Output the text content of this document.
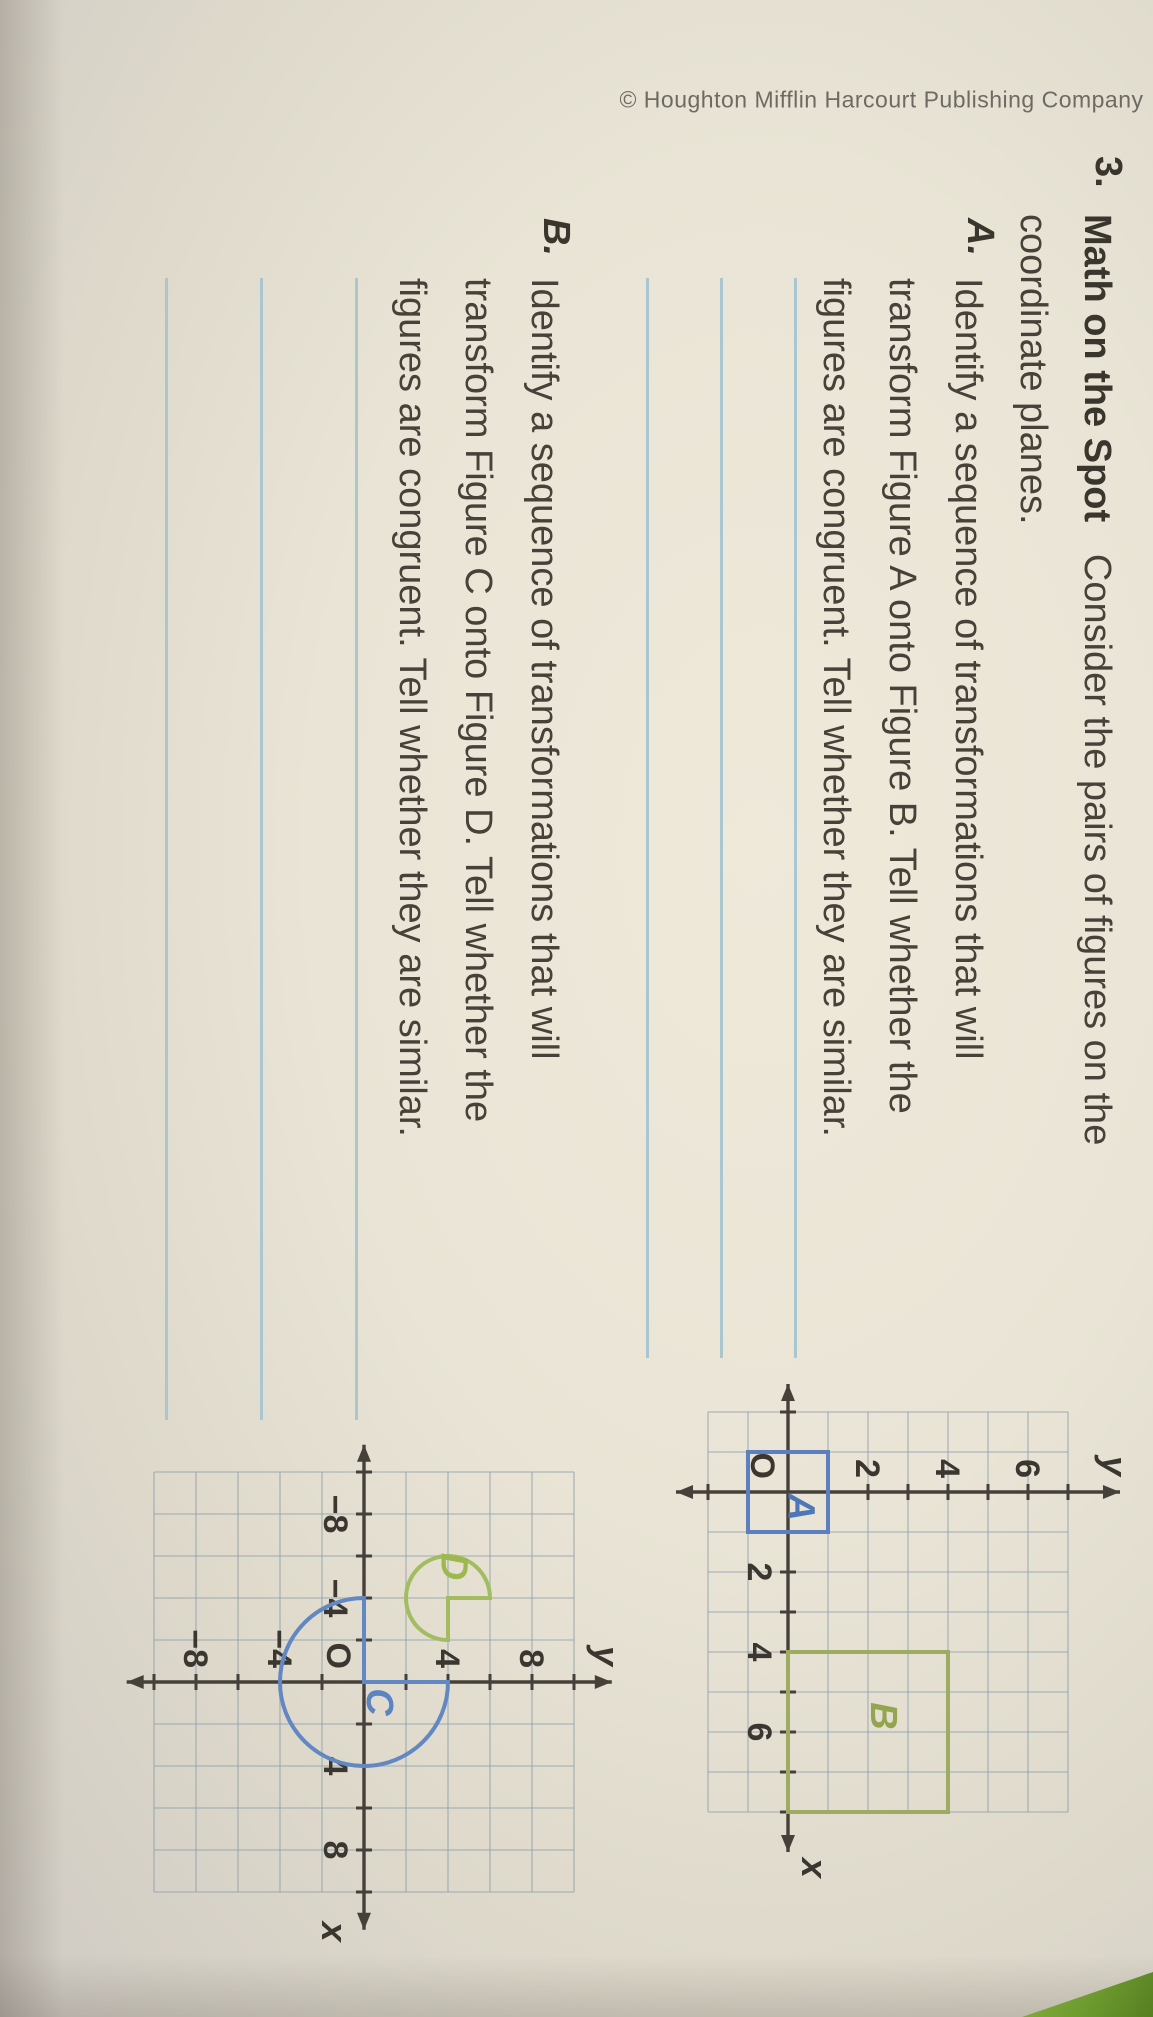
© Houghton Mifflin Harcourt Publishing Company
3.
Math on the Spot   Consider the pairs of figures on the
coordinate planes.
A.
Identify a sequence of transformations that will
transform Figure A onto Figure B. Tell whether the
figures are congruent. Tell whether they are similar.
B.
Identify a sequence of transformations that will
transform Figure C onto Figure D. Tell whether the
figures are congruent. Tell whether they are similar.
2
4
6
2 4 6
O
x
y
A
B
−8
−4
4
8
−8 −4	4 8
O
x
y
C
D
